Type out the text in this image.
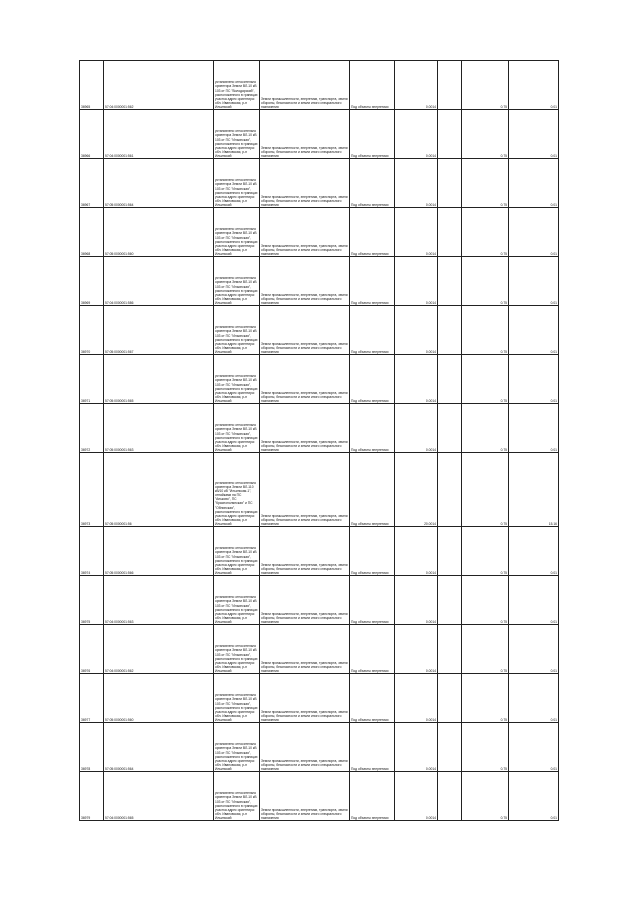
36965	57:04:0000001:562	установлено относительно ориентира Земли ВЛ-10 кВ 103 от ПС "Володарский", расположенного в границах участка адрес ориентира: обл. Ивановская, р-н Ильинский	Земли промышленности, энергетики, транспорта, земли обороны, безопасности и земли иного специального назначения	Под объекты энергетики	0.0014		0.75	0.01
36966	57:04:0000001:561	установлено относительно ориентира Земли ВЛ-10 кВ 103 от ПС "Ильинская", расположенного в границах участка адрес ориентира: обл. Ивановская, р-н Ильинский	Земли промышленности, энергетики, транспорта, земли обороны, безопасности и земли иного специального назначения	Под объекты энергетики	0.0014		0.75	0.01
36967	57:05:0000001:564	установлено относительно ориентира Земли ВЛ-10 кВ 103 от ПС "Ильинская", расположенного в границах участка адрес ориентира: обл. Ивановская, р-н Ильинский	Земли промышленности, энергетики, транспорта, земли обороны, безопасности и земли иного специального назначения	Под объекты энергетики	0.0014		0.75	0.01
36968	57:05:0000001:560	установлено относительно ориентира Земли ВЛ-10 кВ 103 от ПС "Ильинская", расположенного в границах участка адрес ориентира: обл. Ивановская, р-н Ильинский	Земли промышленности, энергетики, транспорта, земли обороны, безопасности и земли иного специального назначения	Под объекты энергетики	0.0014		0.75	0.01
36969	57:04:0000001:586	установлено относительно ориентира Земли ВЛ-10 кВ 103 от ПС "Ильинская", расположенного в границах участка адрес ориентира: обл. Ивановская, р-н Ильинский	Земли промышленности, энергетики, транспорта, земли обороны, безопасности и земли иного специального назначения	Под объекты энергетики	0.0014		0.75	0.01
36970	57:05:0000001:567	установлено относительно ориентира Земли ВЛ-10 кВ 103 от ПС "Ильинская", расположенного в границах участка адрес ориентира: обл. Ивановская, р-н Ильинский	Земли промышленности, энергетики, транспорта, земли обороны, безопасности и земли иного специального назначения	Под объекты энергетики	0.0014		0.75	0.01
36971	57:05:0000001:565	установлено относительно ориентира Земли ВЛ-10 кВ 103 от ПС "Ильинская", расположенного в границах участка адрес ориентира: обл. Ивановская, р-н Ильинский	Земли промышленности, энергетики, транспорта, земли обороны, безопасности и земли иного специального назначения	Под объекты энергетики	0.0014		0.75	0.01
36972	57:05:0000001:563	установлено относительно ориентира Земли ВЛ-10 кВ 103 от ПС "Ильинская", расположенного в границах участка адрес ориентира: обл. Ивановская, р-н Ильинский	Земли промышленности, энергетики, транспорта, земли обороны, безопасности и земли иного специального назначения	Под объекты энергетики	0.0014		0.75	0.01
36973	57:05:0000001:56	установлено относительно ориентира Земли ВЛ-110 кВ/10 кВ "Ильинская-1", отпайками на ПС "Аньково", ПС "Краснополянская" и ПС "Обнинская", расположенного в границах участка адрес ориентира: обл. Ивановская, р-н Ильинский	Земли промышленности, энергетики, транспорта, земли обороны, безопасности и земли иного специального назначения	Под объекты энергетики	20.0014		0.75	15.16
36974	57:05:0000001:566	установлено относительно ориентира Земли ВЛ-10 кВ 103 от ПС "Ильинская", расположенного в границах участка адрес ориентира: обл. Ивановская, р-н Ильинский	Земли промышленности, энергетики, транспорта, земли обороны, безопасности и земли иного специального назначения	Под объекты энергетики	0.0014		0.75	0.01
36975	57:04:0000001:563	установлено относительно ориентира Земли ВЛ-10 кВ 103 от ПС "Ильинская", расположенного в границах участка адрес ориентира: обл. Ивановская, р-н Ильинский	Земли промышленности, энергетики, транспорта, земли обороны, безопасности и земли иного специального назначения	Под объекты энергетики	0.0014		0.75	0.01
36976	57:04:0000001:562	установлено относительно ориентира Земли ВЛ-10 кВ 103 от ПС "Ильинская", расположенного в границах участка адрес ориентира: обл. Ивановская, р-н Ильинский	Земли промышленности, энергетики, транспорта, земли обороны, безопасности и земли иного специального назначения	Под объекты энергетики	0.0014		0.75	0.01
36977	57:05:0000001:560	установлено относительно ориентира Земли ВЛ-10 кВ 103 от ПС "Ильинская", расположенного в границах участка адрес ориентира: обл. Ивановская, р-н Ильинский	Земли промышленности, энергетики, транспорта, земли обороны, безопасности и земли иного специального назначения	Под объекты энергетики	0.0014		0.75	0.01
36978	57:05:0000001:564	установлено относительно ориентира Земли ВЛ-10 кВ 103 от ПС "Ильинская", расположенного в границах участка адрес ориентира: обл. Ивановская, р-н Ильинский	Земли промышленности, энергетики, транспорта, земли обороны, безопасности и земли иного специального назначения	Под объекты энергетики	0.0014		0.75	0.01
36979	57:04:0000001:565	установлено относительно ориентира Земли ВЛ-10 кВ 103 от ПС "Ильинская", расположенного в границах участка адрес ориентира: обл. Ивановская, р-н Ильинский	Земли промышленности, энергетики, транспорта, земли обороны, безопасности и земли иного специального назначения	Под объекты энергетики	0.0014		0.75	0.01
